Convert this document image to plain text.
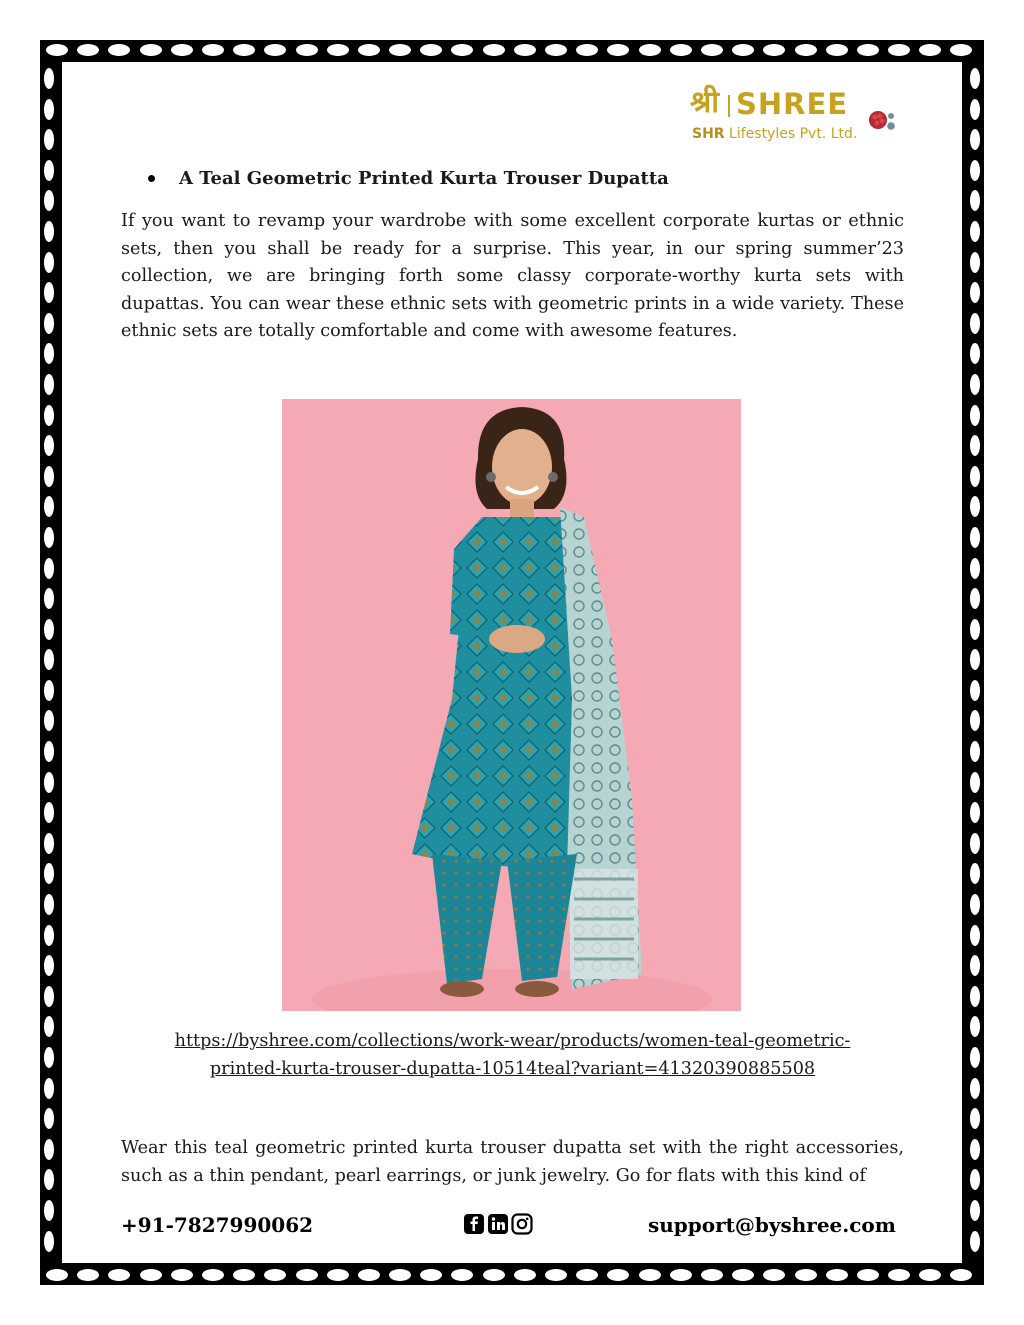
श्री SHREE
SHR Lifestyles Pvt. Ltd.
A Teal Geometric Printed Kurta Trouser Dupatta
If you want to revamp your wardrobe with some excellent corporate kurtas or ethnic sets, then you shall be ready for a surprise. This year, in our spring summer’23 collection, we are bringing forth some classy corporate-worthy kurta sets with dupattas. You can wear these ethnic sets with geometric prints in a wide variety. These ethnic sets are totally comfortable and come with awesome features.
https://byshree.com/collections/work-wear/products/women-teal-geometric-
printed-kurta-trouser-dupatta-10514teal?variant=41320390885508
Wear this teal geometric printed kurta trouser dupatta set with the right accessories, such as a thin pendant, pearl earrings, or junk jewelry. Go for flats with this kind of
+91-7827990062	support@byshree.com
